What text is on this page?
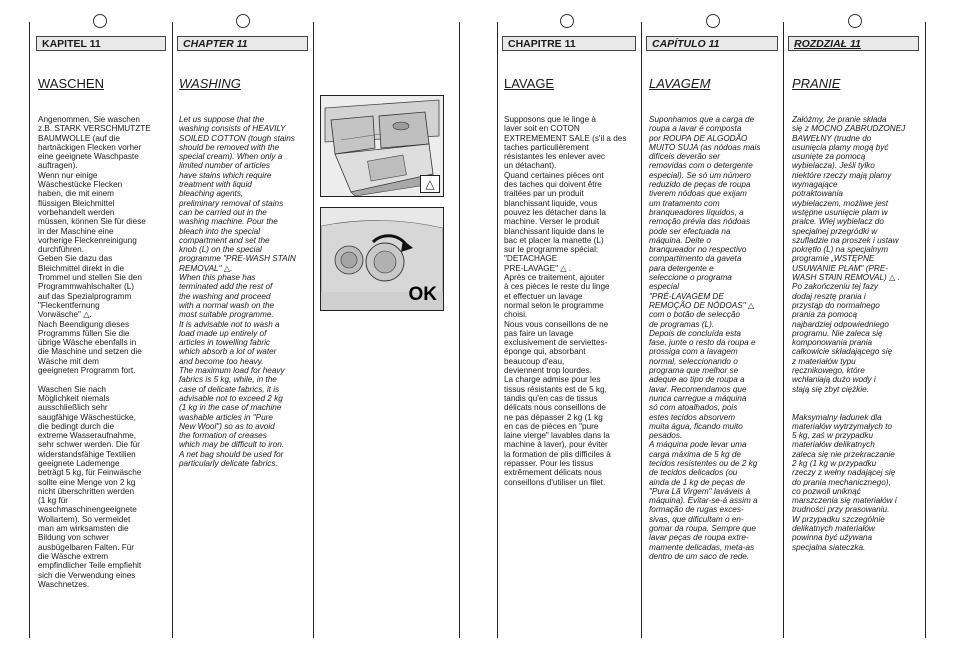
KAPITEL 11	CHAPTER 11	CHAPITRE 11	CAPÍTULO 11	ROZDZIAŁ 11
WASCHEN	WASHING	LAVAGE	LAVAGEM	PRANIE
Angenommen, Sie waschen
z.B. STARK VERSCHMUTZTE
BAUMWOLLE (auf die
hartnäckigen Flecken vorher
eine geeignete Waschpaste
auftragen).
Wenn nur einige
Wäschestücke Flecken
haben, die mit einem
flüssigen Bleichmittel
vorbehandelt werden
müssen, können Sie für diese
in der Maschine eine
vorherige Fleckenreinigung
durchführen.
Geben Sie dazu das
Bleichmittel direkt in die
Trommel und stellen Sie den
Programmwahlschalter (L)
auf das Spezialprogramm
"Fleckentfernung
Vorwäsche" △.
Nach Beendigung dieses
Programms füllen Sie die
übrige Wäsche ebenfalls in
die Maschine und setzen die
Wäsche mit dem
geeigneten Programm fort.

Waschen Sie nach
Möglichkeit niemals
ausschließlich sehr
saugfähige Wäschestücke,
die bedingt durch die
extreme Wasseraufnahme,
sehr schwer werden. Die für
widerstandsfähige Textilien
geeignete Lademenge
beträgt 5 kg, für Feinwäsche
sollte eine Menge von 2 kg
nicht überschritten werden
(1 kg für
waschmaschinengeeignete
Wollartem). So vermeidet
man am wirksamsten die
Bildung von schwer
ausbügelbaren Falten. Für
die Wäsche extrem
empfindlicher Teile empfiehlt
sich die Verwendung eines
Waschnetzes.
Let us suppose that the
washing consists of HEAVILY
SOILED COTTON (tough stains
should be removed with the
special cream). When only a
limited number of articles
have stains which require
treatment with liquid
bleaching agents,
preliminary removal of stains
can be carried out in the
washing machine. Pour the
bleach into the special
compartment and set the
knob (L) on the special
programme "PRE-WASH STAIN
REMOVAL" △.
When this phase has
terminated add the rest of
the washing and proceed
with a normal wash on the
most suitable programme.
It is advisable not to wash a
load made up entirely of
articles in towelling fabric
which absorb a lot of water
and become too heavy.
The maximum load for heavy
fabrics is 5 kg, while, in the
case of delicate fabrics, it is
advisable not to exceed 2 kg
(1 kg in the case of machine
washable articles in "Pure
New Wool") so as to avoid
the formation of creases
which may be difficult to iron.
A net bag should be used for
particularly delicate fabrics.
Supposons que le linge à
laver soit en COTON
EXTREMEMENT SALE (s'il a des
taches particulièrement
résistantes les enlever avec
un détachant).
Quand certaines pièces ont
des taches qui doivent être
traitées par un produit
blanchissant liquide, vous
pouvez les détacher dans la
machine. Verser le produit
blanchissant liquide dans le
bac et placer la manette (L)
sur le programme spécial:
"DETACHAGE
PRE-LAVAGE" △ .
Après ce traitement, ajouter
à ces pièces le reste du linge
et effectuer un lavage
normal selon le programme
choisi.
Nous vous conseillons de ne
pas faire un lavage
exclusivement de serviettes-
éponge qui, absorbant
beaucoup d'eau,
deviennent trop lourdes.
La charge admise pour les
tissus résistants est de 5 kg,
tandis qu'en cas de tissus
délicats nous conseillons de
ne pas dépasser 2 kg (1 kg
en cas de pièces en "pure
laine vierge" lavables dans la
machine à laver), pour éviter
la formation de plis difficiles à
repasser. Pour les tissus
extrêmement délicats nous
conseillons d'utiliser un filet.
Suponhamos que a carga de
roupa a lavar é composta
por ROUPA DE ALGODÃO
MUITO SUJA (as nódoas mais
difíceis deverão ser
removidas com o detergente
especial). Se só um número
reduzido de peças de roupa
tiverem nódoas que exijam
um tratamento com
branqueadores líquidos, a
remoção prévia das nódoas
pode ser efectuada na
máquina. Deite o
branqueador no respectivo
compartimento da gaveta
para detergente e
seleccione o programa
especial
"PRÉ-LAVAGEM DE
REMOÇÃO DE NÓDOAS" △
com o botão de selecção
de programas (L).
Depois de concluída esta
fase, junte o resto da roupa e
prossiga com a lavagem
normal, seleccionando o
programa que melhor se
adeque ao tipo de roupa a
lavar. Recomendamos que
nunca carregue a máquina
só com atoalhados, pois
estes tecidos absorvem
muita água, ficando muito
pesados.
A máquina pode levar uma
carga máxima de 5 kg de
tecidos resistentes ou de 2 kg
de tecidos delicados (ou
ainda de 1 kg de peças de
"Pura Lã Virgem" laváveis à
máquina). Evitar-se-á assim a
formação de rugas exces-
sivas, que dificultam o en-
gomar da roupa. Sempre que
lavar peças de roupa extre-
mamente delicadas, meta-as
dentro de um saco de rede.
Załóżmy, że pranie składa
się z MOCNO ZABRUDZONEJ
BAWEŁNY (trudne do
usunięcia plamy mogą być
usunięte za pomocą
wybielacza). Jeśli tylko
niektóre rzeczy mają plamy
wymagające
potraktowania
wybielaczem, możliwe jest
wstępne usunięcie plam w
pralce. Wlej wybielacz do
specjalnej przegródki w
szufladzie na proszek i ustaw
pokrętło (L) na specjalnym
programie „WSTĘPNE
USUWANIE PLAM" (PRE-
WASH STAIN REMOVAL) △ .
Po zakończeniu tej fazy
dodaj resztę prania i
przystąp do normalnego
prania za pomocą
najbardziej odpowiedniego
programu. Nie zaleca się
komponowania prania
całkowicie składającego się
z materiałów typu
ręcznikowego, które
wchłaniają dużo wody i
stają się zbyt ciężkie.

Maksymalny ładunek dla
materiałów wytrzymałych to
5 kg, zaś w przypadku
materiałów delikatnych
zaleca się nie przekraczanie
2 kg (1 kg w przypadku
rzeczy z wełny nadającej się
do prania mechanicznego),
co pozwoli uniknąć
marszczenia się materiałów i
trudności przy prasowaniu.
W przypadku szczególnie
delikatnych materiałów
powinna być używana
specjalna siateczka.
△
OK
